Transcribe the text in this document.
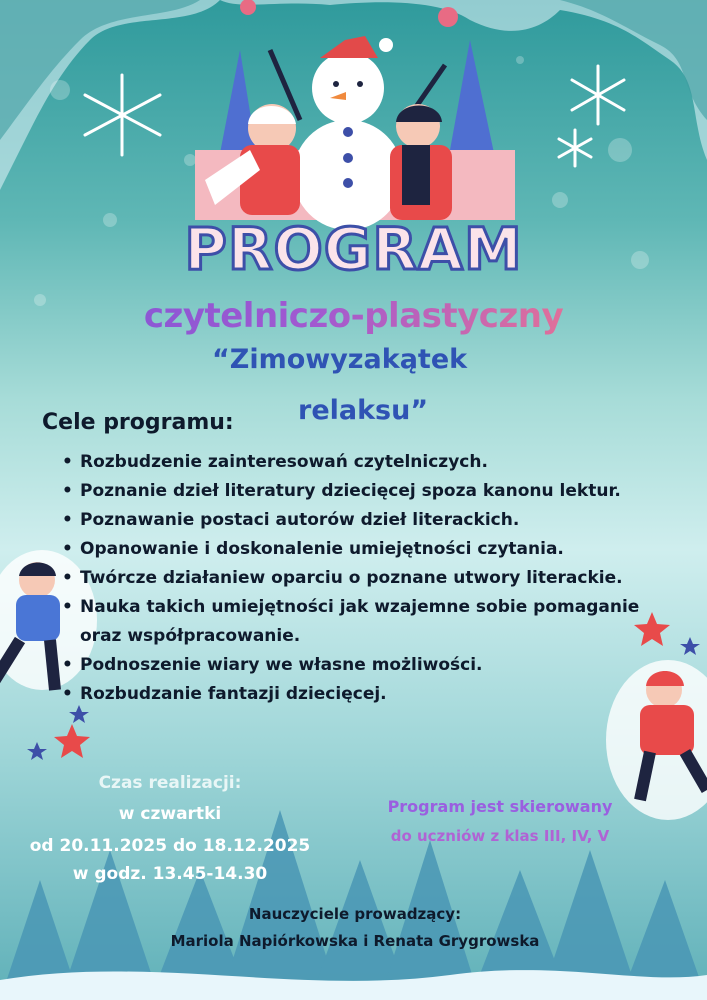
PROGRAM
czytelniczo-plastyczny
“Zimowyzakątek
relaksu”
Cele programu:
• Rozbudzenie zainteresowań czytelniczych.
• Poznanie dzieł literatury dziecięcej spoza kanonu lektur.
• Poznawanie postaci autorów dzieł literackich.
• Opanowanie i doskonalenie umiejętności czytania.
• Twórcze działaniew oparciu o poznane utwory literackie.
• Nauka takich umiejętności jak wzajemne sobie pomaganie oraz współpracowanie.
• Podnoszenie wiary we własne możliwości.
• Rozbudzanie fantazji dziecięcej.
Czas realizacji:
w czwartki
od 20.11.2025 do 18.12.2025
w godz. 13.45-14.30
Program jest skierowany
do uczniów z klas III, IV, V
Nauczyciele prowadzący:
Mariola Napiórkowska i Renata Grygrowska
